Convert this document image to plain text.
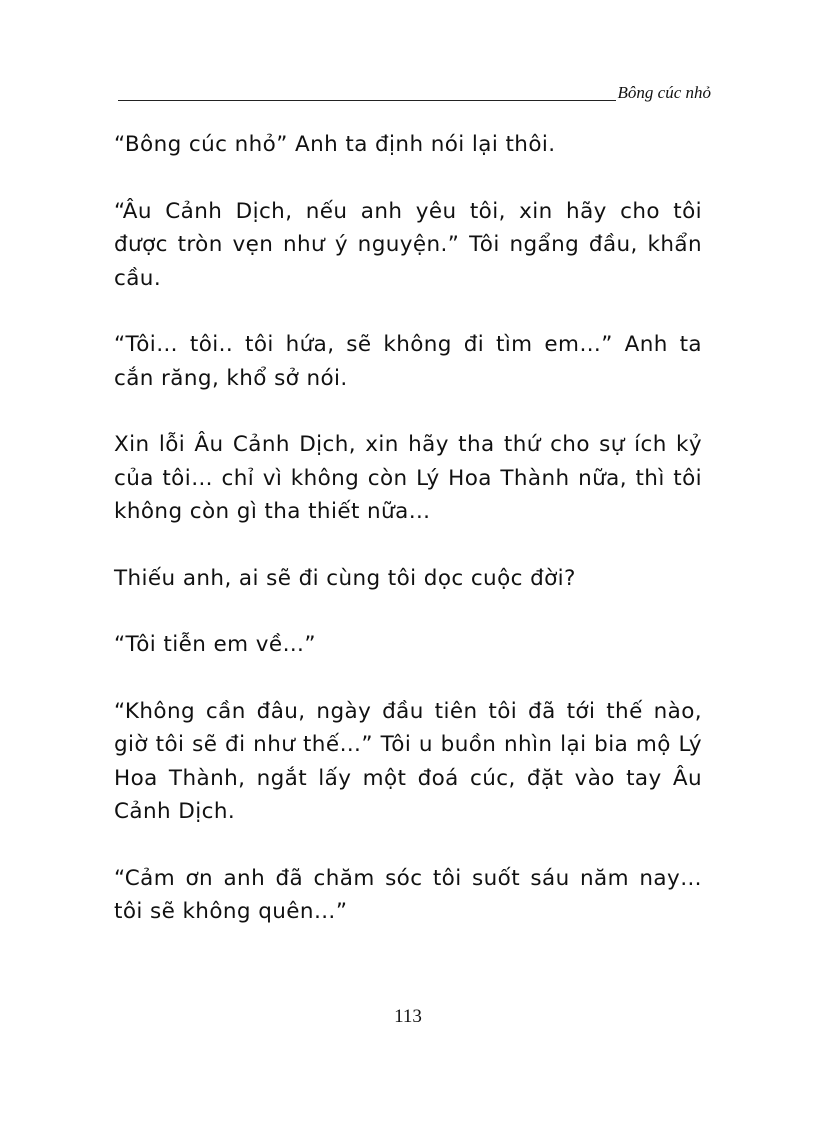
Bông cúc nhỏ

“Bông cúc nhỏ” Anh ta định nói lại thôi.

“Âu Cảnh Dịch, nếu anh yêu tôi, xin hãy cho tôi được tròn vẹn như ý nguyện.” Tôi ngẩng đầu, khẩn cầu.

“Tôi… tôi.. tôi hứa, sẽ không đi tìm em…” Anh ta cắn răng, khổ sở nói.

Xin lỗi Âu Cảnh Dịch, xin hãy tha thứ cho sự ích kỷ của tôi… chỉ vì không còn Lý Hoa Thành nữa, thì tôi không còn gì tha thiết nữa…

Thiếu anh, ai sẽ đi cùng tôi dọc cuộc đời?

“Tôi tiễn em về…”

“Không cần đâu, ngày đầu tiên tôi đã tới thế nào, giờ tôi sẽ đi như thế…” Tôi u buồn nhìn lại bia mộ Lý Hoa Thành, ngắt lấy một đoá cúc, đặt vào tay Âu Cảnh Dịch.

“Cảm ơn anh đã chăm sóc tôi suốt sáu năm nay… tôi sẽ không quên…”

113
